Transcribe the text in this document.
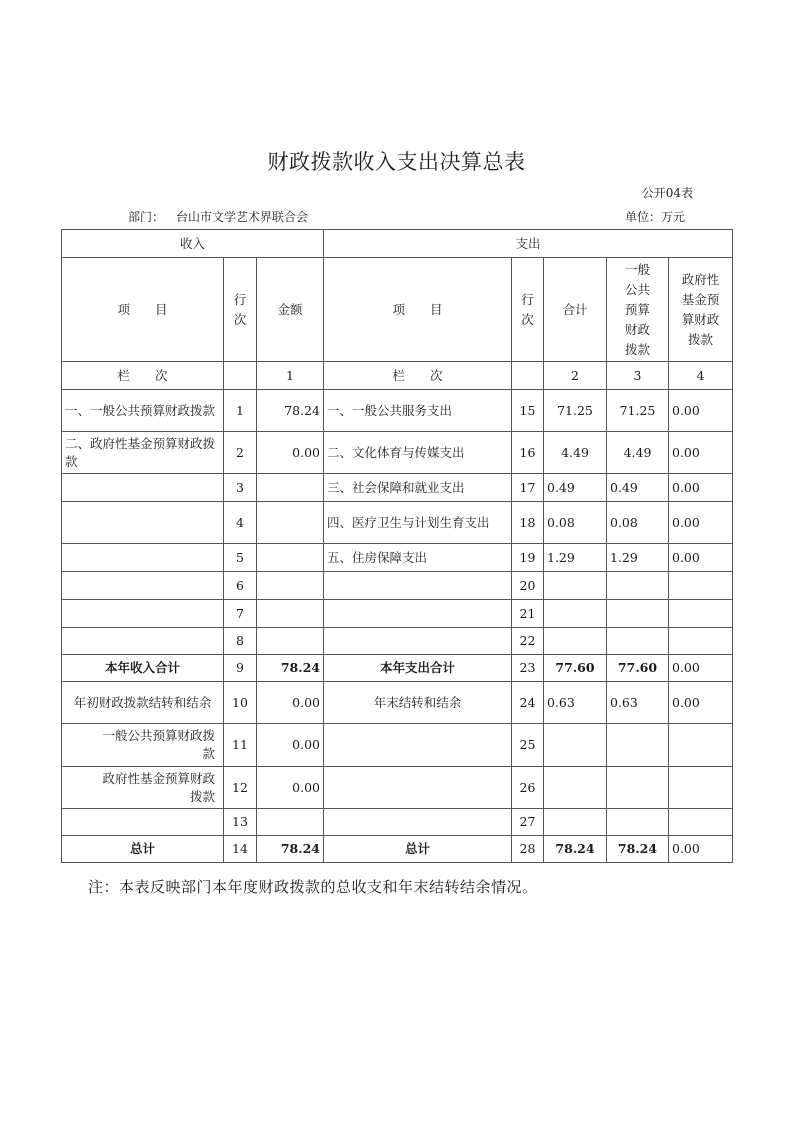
财政拨款收入支出决算总表
公开04表
部门： 台山市文学艺术界联合会	单位：万元
收入			支出				
项　　目	行次	金额	项　　目	行次	合计	一般公共预算财政拨款	政府性基金预算财政拨款
栏　　次		1	栏　　次		2	3	4
一、一般公共预算财政拨款	1	78.24	一、一般公共服务支出	15	71.25	71.25	0.00
二、政府性基金预算财政拨款	2	0.00	二、文化体育与传媒支出	16	4.49	4.49	0.00
	3		三、社会保障和就业支出	17	0.49	0.49	0.00
	4		四、医疗卫生与计划生育支出	18	0.08	0.08	0.00
	5		五、住房保障支出	19	1.29	1.29	0.00
	6			20			
	7			21			
	8			22			
本年收入合计	9	78.24	本年支出合计	23	77.60	77.60	0.00
年初财政拨款结转和结余	10	0.00	年末结转和结余	24	0.63	0.63	0.00
一般公共预算财政拨款	11	0.00		25			
政府性基金预算财政拨款	12	0.00		26			
	13			27			
总计	14	78.24	总计	28	78.24	78.24	0.00
注：本表反映部门本年度财政拨款的总收支和年末结转结余情况。
